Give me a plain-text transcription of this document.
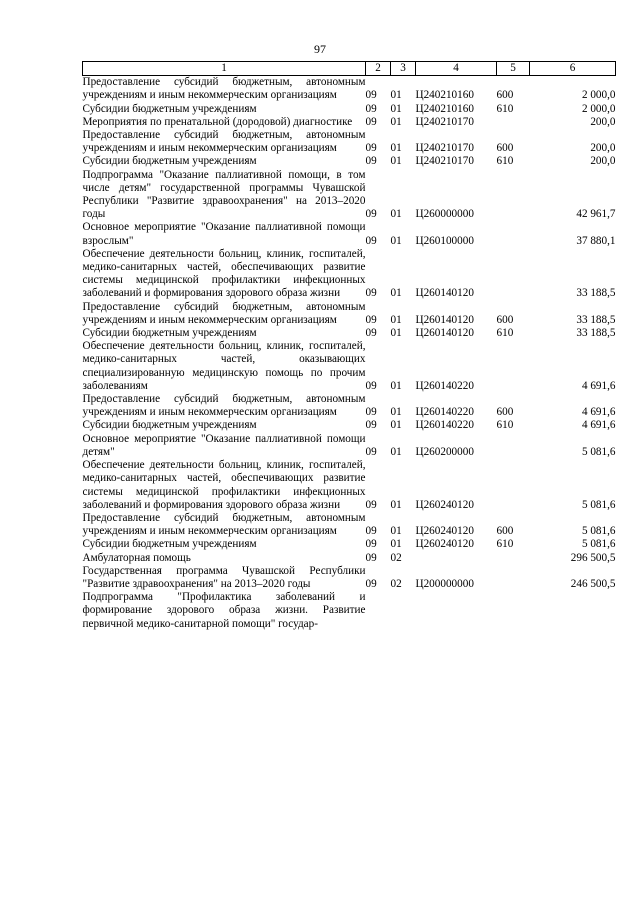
97
1	2	3	4	5	6
Предоставление субсидий бюджетным, автономным учреждениям и иным некоммерческим организациям	09	01	Ц240210160	600	2 000,0
Субсидии бюджетным учреждениям	09	01	Ц240210160	610	2 000,0
Мероприятия по пренатальной (дородовой) диагностике	09	01	Ц240210170		200,0
Предоставление субсидий бюджетным, автономным учреждениям и иным некоммерческим организациям	09	01	Ц240210170	600	200,0
Субсидии бюджетным учреждениям	09	01	Ц240210170	610	200,0
Подпрограмма "Оказание паллиативной помощи, в том числе детям" государственной программы Чувашской Республики "Развитие здравоохранения" на 2013–2020 годы	09	01	Ц260000000		42 961,7
Основное мероприятие "Оказание паллиативной помощи взрослым"	09	01	Ц260100000		37 880,1
Обеспечение деятельности больниц, клиник, госпиталей, медико-санитарных частей, обеспечивающих развитие системы медицинской профилактики инфекционных заболеваний и формирования здорового образа жизни	09	01	Ц260140120		33 188,5
Предоставление субсидий бюджетным, автономным учреждениям и иным некоммерческим организациям	09	01	Ц260140120	600	33 188,5
Субсидии бюджетным учреждениям	09	01	Ц260140120	610	33 188,5
Обеспечение деятельности больниц, клиник, госпиталей, медико-санитарных частей, оказывающих специализированную медицинскую помощь по прочим заболеваниям	09	01	Ц260140220		4 691,6
Предоставление субсидий бюджетным, автономным учреждениям и иным некоммерческим организациям	09	01	Ц260140220	600	4 691,6
Субсидии бюджетным учреждениям	09	01	Ц260140220	610	4 691,6
Основное мероприятие "Оказание паллиативной помощи детям"	09	01	Ц260200000		5 081,6
Обеспечение деятельности больниц, клиник, госпиталей, медико-санитарных частей, обеспечивающих развитие системы медицинской профилактики инфекционных заболеваний и формирования здорового образа жизни	09	01	Ц260240120		5 081,6
Предоставление субсидий бюджетным, автономным учреждениям и иным некоммерческим организациям	09	01	Ц260240120	600	5 081,6
Субсидии бюджетным учреждениям	09	01	Ц260240120	610	5 081,6
Амбулаторная помощь	09	02			296 500,5
Государственная программа Чувашской Республики "Развитие здравоохранения" на 2013–2020 годы	09	02	Ц200000000		246 500,5
Подпрограмма "Профилактика заболеваний и формирование здорового образа жизни. Развитие первичной медико-санитарной помощи" государ-					
